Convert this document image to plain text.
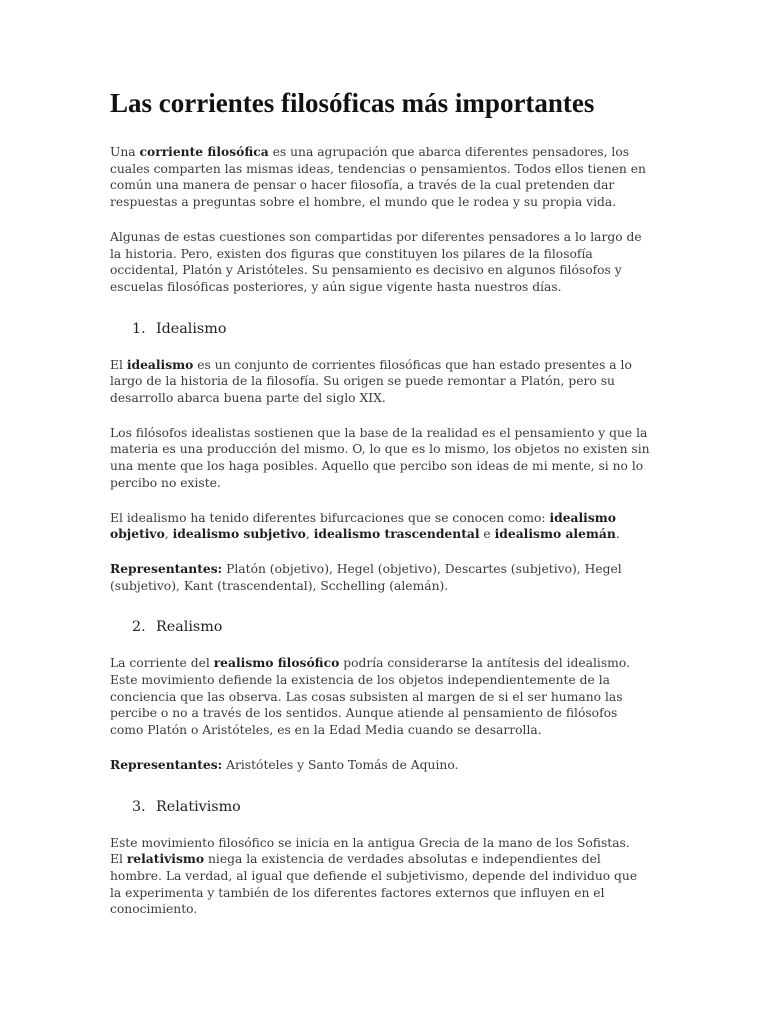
Las corrientes filosóficas más importantes

Una corriente filosófica es una agrupación que abarca diferentes pensadores, los cuales comparten las mismas ideas, tendencias o pensamientos. Todos ellos tienen en común una manera de pensar o hacer filosofía, a través de la cual pretenden dar respuestas a preguntas sobre el hombre, el mundo que le rodea y su propia vida.

Algunas de estas cuestiones son compartidas por diferentes pensadores a lo largo de la historia. Pero, existen dos figuras que constituyen los pilares de la filosofía occidental, Platón y Aristóteles. Su pensamiento es decisivo en algunos filósofos y escuelas filosóficas posteriores, y aún sigue vigente hasta nuestros días.

1. Idealismo

El idealismo es un conjunto de corrientes filosóficas que han estado presentes a lo largo de la historia de la filosofía. Su origen se puede remontar a Platón, pero su desarrollo abarca buena parte del siglo XIX.

Los filósofos idealistas sostienen que la base de la realidad es el pensamiento y que la materia es una producción del mismo. O, lo que es lo mismo, los objetos no existen sin una mente que los haga posibles. Aquello que percibo son ideas de mi mente, si no lo percibo no existe.

El idealismo ha tenido diferentes bifurcaciones que se conocen como: idealismo objetivo, idealismo subjetivo, idealismo trascendental e idealismo alemán.

Representantes: Platón (objetivo), Hegel (objetivo), Descartes (subjetivo), Hegel (subjetivo), Kant (trascendental), Scchelling (alemán).

2. Realismo

La corriente del realismo filosófico podría considerarse la antítesis del idealismo. Este movimiento defiende la existencia de los objetos independientemente de la conciencia que las observa. Las cosas subsisten al margen de si el ser humano las percibe o no a través de los sentidos. Aunque atiende al pensamiento de filósofos como Platón o Aristóteles, es en la Edad Media cuando se desarrolla.

Representantes: Aristóteles y Santo Tomás de Aquino.

3. Relativismo

Este movimiento filosófico se inicia en la antigua Grecia de la mano de los Sofistas.
El relativismo niega la existencia de verdades absolutas e independientes del hombre. La verdad, al igual que defiende el subjetivismo, depende del individuo que la experimenta y también de los diferentes factores externos que influyen en el conocimiento.
